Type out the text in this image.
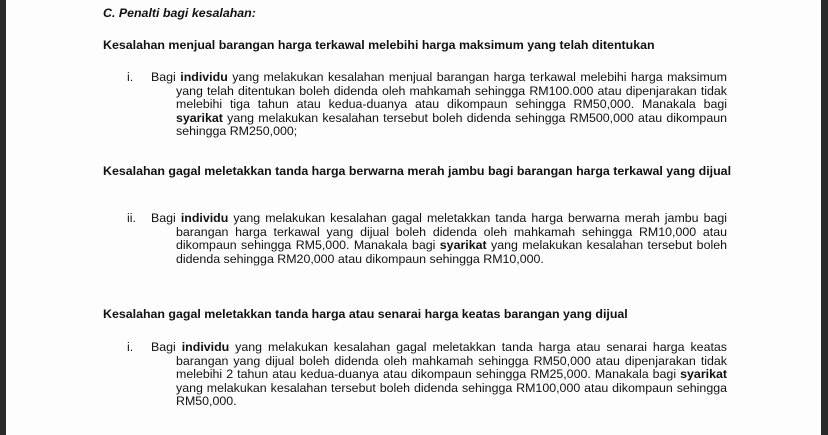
C. Penalti bagi kesalahan:
Kesalahan menjual barangan harga terkawal melebihi harga maksimum yang telah ditentukan
i. Bagi individu yang melakukan kesalahan menjual barangan harga terkawal melebihi harga maksimum yang telah ditentukan boleh didenda oleh mahkamah sehingga RM100.000 atau dipenjarakan tidak melebihi tiga tahun atau kedua-duanya atau dikompaun sehingga RM50,000. Manakala bagi syarikat yang melakukan kesalahan tersebut boleh didenda sehingga RM500,000 atau dikompaun sehingga RM250,000;
Kesalahan gagal meletakkan tanda harga berwarna merah jambu bagi barangan harga terkawal yang dijual
ii. Bagi individu yang melakukan kesalahan gagal meletakkan tanda harga berwarna merah jambu bagi barangan harga terkawal yang dijual boleh didenda oleh mahkamah sehingga RM10,000 atau dikompaun sehingga RM5,000. Manakala bagi syarikat yang melakukan kesalahan tersebut boleh didenda sehingga RM20,000 atau dikompaun sehingga RM10,000.
Kesalahan gagal meletakkan tanda harga atau senarai harga keatas barangan yang dijual
i. Bagi individu yang melakukan kesalahan gagal meletakkan tanda harga atau senarai harga keatas barangan yang dijual boleh didenda oleh mahkamah sehingga RM50,000 atau dipenjarakan tidak melebihi 2 tahun atau kedua-duanya atau dikompaun sehingga RM25,000. Manakala bagi syarikat yang melakukan kesalahan tersebut boleh didenda sehingga RM100,000 atau dikompaun sehingga RM50,000.
